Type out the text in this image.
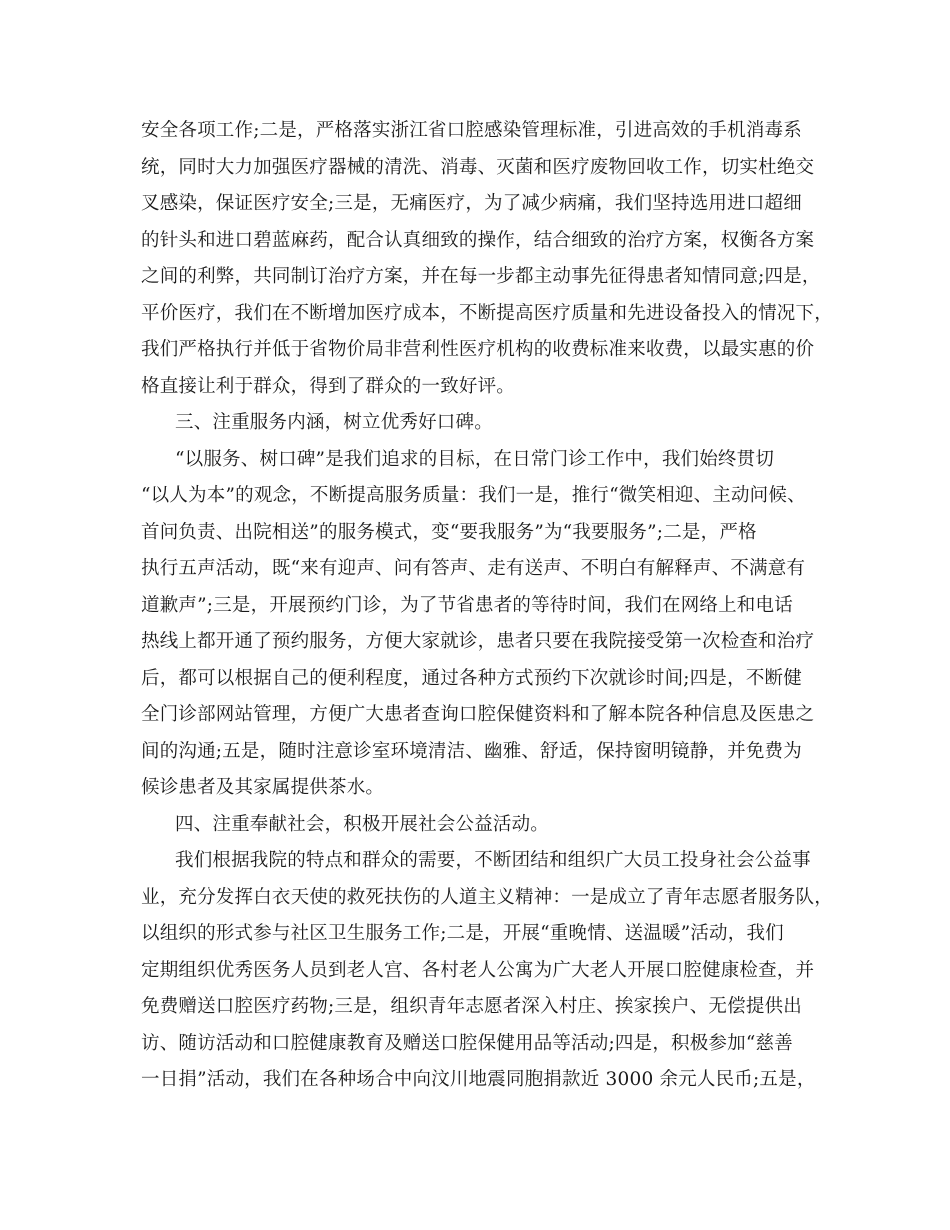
安全各项工作;二是，严格落实浙江省口腔感染管理标准，引进高效的手机消毒系
统，同时大力加强医疗器械的清洗、消毒、灭菌和医疗废物回收工作，切实杜绝交
叉感染，保证医疗安全;三是，无痛医疗，为了减少病痛，我们坚持选用进口超细
的针头和进口碧蓝麻药，配合认真细致的操作，结合细致的治疗方案，权衡各方案
之间的利弊，共同制订治疗方案，并在每一步都主动事先征得患者知情同意;四是，
平价医疗，我们在不断增加医疗成本，不断提高医疗质量和先进设备投入的情况下，
我们严格执行并低于省物价局非营利性医疗机构的收费标准来收费，以最实惠的价
格直接让利于群众，得到了群众的一致好评。
三、注重服务内涵，树立优秀好口碑。
“以服务、树口碑”是我们追求的目标，在日常门诊工作中，我们始终贯切
“以人为本”的观念，不断提高服务质量：我们一是，推行“微笑相迎、主动问候、
首问负责、出院相送”的服务模式，变“要我服务”为“我要服务”;二是，严格
执行五声活动，既“来有迎声、问有答声、走有送声、不明白有解释声、不满意有
道歉声”;三是，开展预约门诊，为了节省患者的等待时间，我们在网络上和电话
热线上都开通了预约服务，方便大家就诊，患者只要在我院接受第一次检查和治疗
后，都可以根据自己的便利程度，通过各种方式预约下次就诊时间;四是，不断健
全门诊部网站管理，方便广大患者查询口腔保健资料和了解本院各种信息及医患之
间的沟通;五是，随时注意诊室环境清洁、幽雅、舒适，保持窗明镜静，并免费为
候诊患者及其家属提供茶水。
四、注重奉献社会，积极开展社会公益活动。
我们根据我院的特点和群众的需要，不断团结和组织广大员工投身社会公益事
业，充分发挥白衣天使的救死扶伤的人道主义精神：一是成立了青年志愿者服务队，
以组织的形式参与社区卫生服务工作;二是，开展“重晚情、送温暖”活动，我们
定期组织优秀医务人员到老人宫、各村老人公寓为广大老人开展口腔健康检查，并
免费赠送口腔医疗药物;三是，组织青年志愿者深入村庄、挨家挨户、无偿提供出
访、随访活动和口腔健康教育及赠送口腔保健用品等活动;四是，积极参加“慈善
一日捐”活动，我们在各种场合中向汶川地震同胞捐款近 3000 余元人民币;五是，
